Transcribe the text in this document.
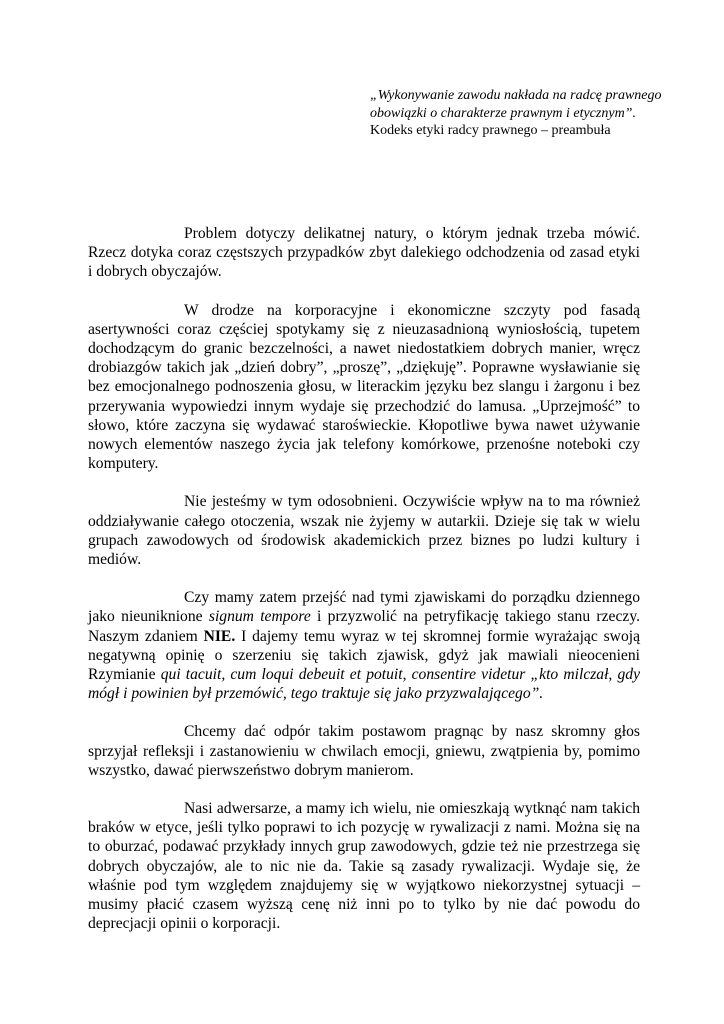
„Wykonywanie zawodu nakłada na radcę prawnego obowiązki o charakterze prawnym i etycznym”.
Kodeks etyki radcy prawnego – preambuła

Problem dotyczy delikatnej natury, o którym jednak trzeba mówić. Rzecz dotyka coraz częstszych przypadków zbyt dalekiego odchodzenia od zasad etyki i dobrych obyczajów.

W drodze na korporacyjne i ekonomiczne szczyty pod fasadą asertywności coraz częściej spotykamy się z nieuzasadnioną wyniosłością, tupetem dochodzącym do granic bezczelności, a nawet niedostatkiem dobrych manier, wręcz drobiazgów takich jak „dzień dobry”, „proszę”, „dziękuję”. Poprawne wysławianie się bez emocjonalnego podnoszenia głosu, w literackim języku bez slangu i żargonu i bez przerywania wypowiedzi innym wydaje się przechodzić do lamusa. „Uprzejmość” to słowo, które zaczyna się wydawać staroświeckie. Kłopotliwe bywa nawet używanie nowych elementów naszego życia jak telefony komórkowe, przenośne noteboki czy komputery.

Nie jesteśmy w tym odosobnieni. Oczywiście wpływ na to ma również oddziaływanie całego otoczenia, wszak nie żyjemy w autarkii. Dzieje się tak w wielu grupach zawodowych od środowisk akademickich przez biznes po ludzi kultury i mediów.

Czy mamy zatem przejść nad tymi zjawiskami do porządku dziennego jako nieuniknione signum tempore i przyzwolić na petryfikację takiego stanu rzeczy. Naszym zdaniem NIE. I dajemy temu wyraz w tej skromnej formie wyrażając swoją negatywną opinię o szerzeniu się takich zjawisk, gdyż jak mawiali nieocenieni Rzymianie qui tacuit, cum loqui debeuit et potuit, consentire videtur „kto milczał, gdy mógł i powinien był przemówić, tego traktuje się jako przyzwalającego”.

Chcemy dać odpór takim postawom pragnąc by nasz skromny głos sprzyjał refleksji i zastanowieniu w chwilach emocji, gniewu, zwątpienia by, pomimo wszystko, dawać pierwszeństwo dobrym manierom.

Nasi adwersarze, a mamy ich wielu, nie omieszkają wytknąć nam takich braków w etyce, jeśli tylko poprawi to ich pozycję w rywalizacji z nami. Można się na to oburzać, podawać przykłady innych grup zawodowych, gdzie też nie przestrzega się dobrych obyczajów, ale to nic nie da. Takie są zasady rywalizacji. Wydaje się, że właśnie pod tym względem znajdujemy się w wyjątkowo niekorzystnej sytuacji – musimy płacić czasem wyższą cenę niż inni po to tylko by nie dać powodu do deprecjacji opinii o korporacji.
